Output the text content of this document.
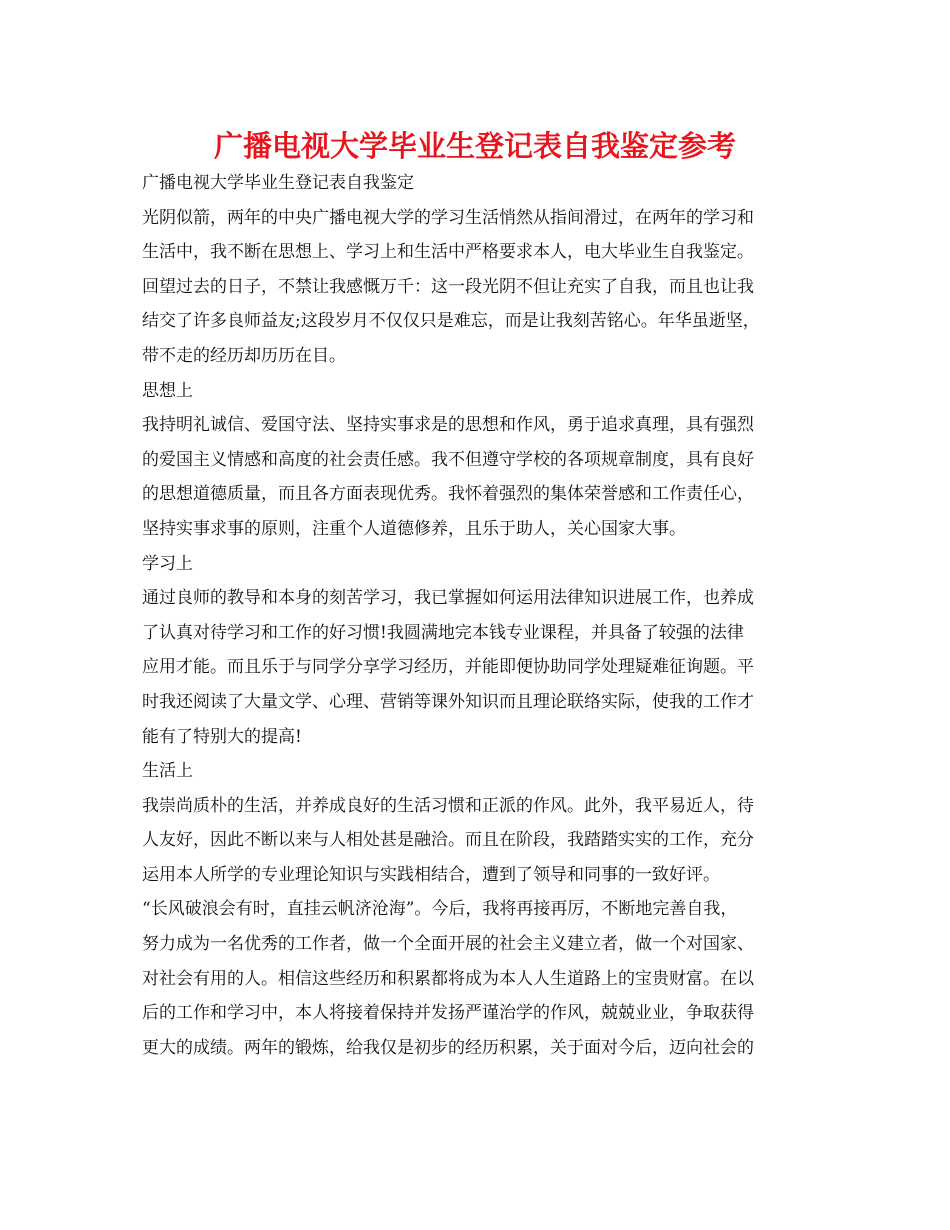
广播电视大学毕业生登记表自我鉴定参考
广播电视大学毕业生登记表自我鉴定
光阴似箭，两年的中央广播电视大学的学习生活悄然从指间滑过，在两年的学习和
生活中，我不断在思想上、学习上和生活中严格要求本人，电大毕业生自我鉴定。
回望过去的日子，不禁让我感慨万千：这一段光阴不但让充实了自我，而且也让我
结交了许多良师益友;这段岁月不仅仅只是难忘，而是让我刻苦铭心。年华虽逝坚，
带不走的经历却历历在目。
思想上
我持明礼诚信、爱国守法、坚持实事求是的思想和作风，勇于追求真理，具有强烈
的爱国主义情感和高度的社会责任感。我不但遵守学校的各项规章制度，具有良好
的思想道德质量，而且各方面表现优秀。我怀着强烈的集体荣誉感和工作责任心，
坚持实事求事的原则，注重个人道德修养，且乐于助人，关心国家大事。
学习上
通过良师的教导和本身的刻苦学习，我已掌握如何运用法律知识进展工作，也养成
了认真对待学习和工作的好习惯!我圆满地完本钱专业课程，并具备了较强的法律
应用才能。而且乐于与同学分享学习经历，并能即便协助同学处理疑难征询题。平
时我还阅读了大量文学、心理、营销等课外知识而且理论联络实际，使我的工作才
能有了特别大的提高!
生活上
我崇尚质朴的生活，并养成良好的生活习惯和正派的作风。此外，我平易近人，待
人友好，因此不断以来与人相处甚是融洽。而且在阶段，我踏踏实实的工作，充分
运用本人所学的专业理论知识与实践相结合，遭到了领导和同事的一致好评。
“长风破浪会有时，直挂云帆济沧海”。今后，我将再接再厉，不断地完善自我，
努力成为一名优秀的工作者，做一个全面开展的社会主义建立者，做一个对国家、
对社会有用的人。相信这些经历和积累都将成为本人人生道路上的宝贵财富。在以
后的工作和学习中，本人将接着保持并发扬严谨治学的作风，兢兢业业，争取获得
更大的成绩。两年的锻炼，给我仅是初步的经历积累，关于面对今后，迈向社会的
